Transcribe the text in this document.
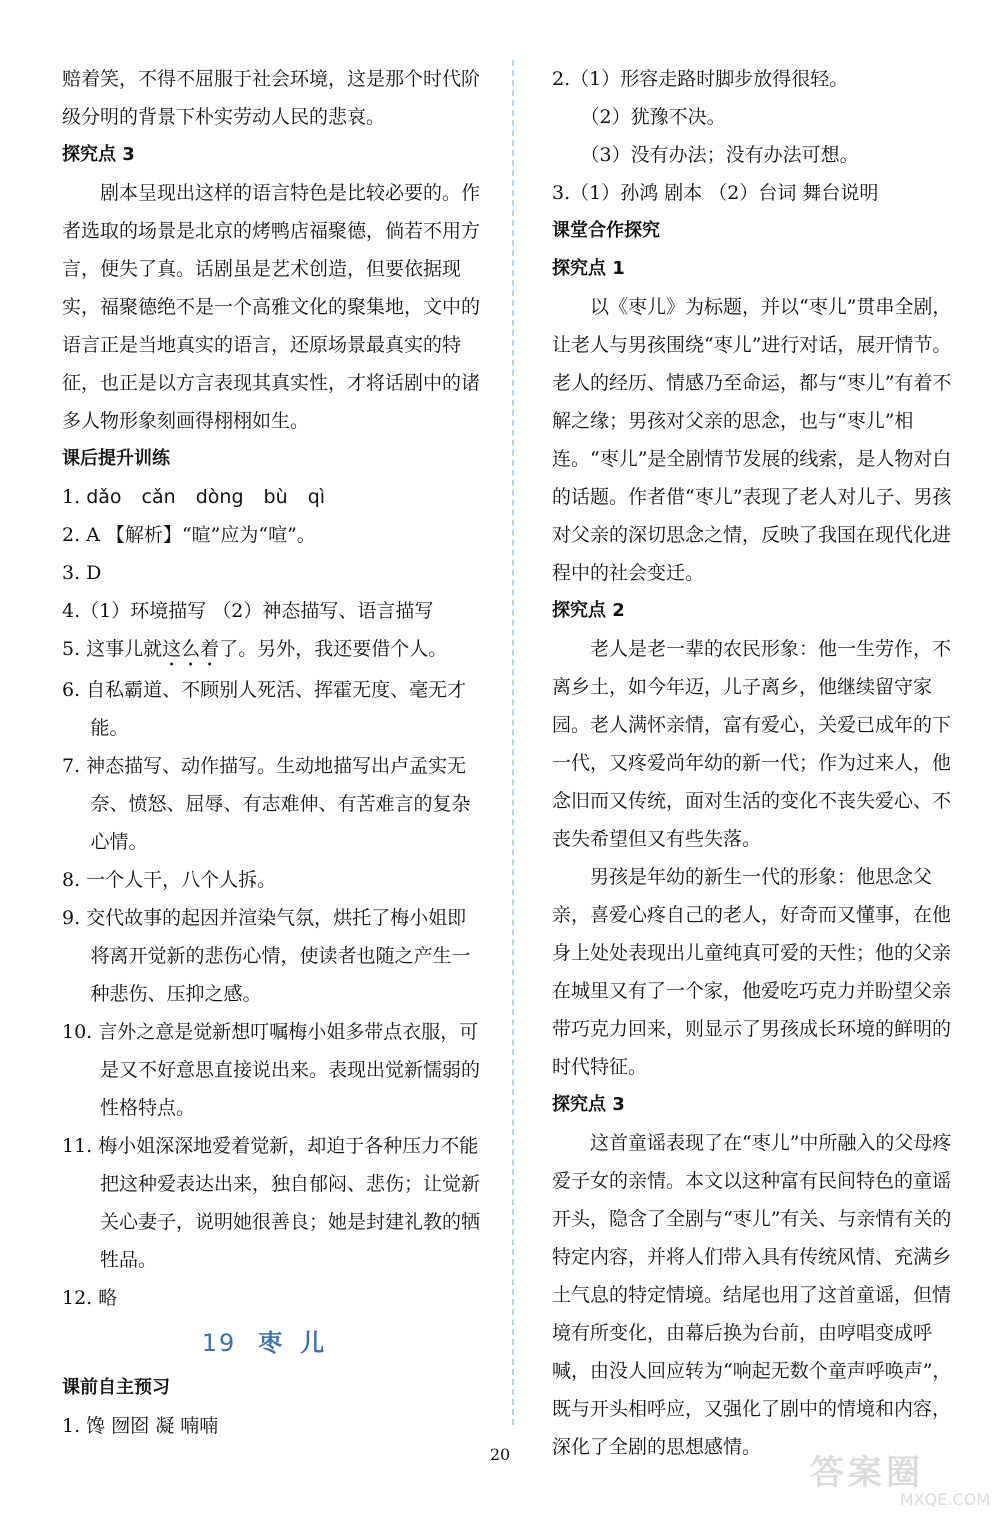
赔着笑，不得不屈服于社会环境，这是那个时代阶级分明的背景下朴实劳动人民的悲哀。

探究点 3

剧本呈现出这样的语言特色是比较必要的。作者选取的场景是北京的烤鸭店福聚德，倘若不用方言，便失了真。话剧虽是艺术创造，但要依据现实，福聚德绝不是一个高雅文化的聚集地，文中的语言正是当地真实的语言，还原场景最真实的特征，也正是以方言表现其真实性，才将话剧中的诸多人物形象刻画得栩栩如生。

课后提升训练

1. dǎo cǎn dòng bù qì

2. A 【解析】“暄”应为“喧”。

3. D

4.（1）环境描写 （2）神态描写、语言描写

5. 这事儿就这么着了。另外，我还要借个人。

6. 自私霸道、不顾别人死活、挥霍无度、毫无才能。

7. 神态描写、动作描写。生动地描写出卢孟实无奈、愤怒、屈辱、有志难伸、有苦难言的复杂心情。

8. 一个人干，八个人拆。

9. 交代故事的起因并渲染气氛，烘托了梅小姐即将离开觉新的悲伤心情，使读者也随之产生一种悲伤、压抑之感。

10. 言外之意是觉新想叮嘱梅小姐多带点衣服，可是又不好意思直接说出来。表现出觉新懦弱的性格特点。

11. 梅小姐深深地爱着觉新，却迫于各种压力不能把这种爱表达出来，独自郁闷、悲伤；让觉新关心妻子，说明她很善良；她是封建礼教的牺牲品。

12. 略

19 枣儿

课前自主预习

1. 馋 囫囵 凝 喃喃

2.（1）形容走路时脚步放得很轻。

（2）犹豫不决。

（3）没有办法；没有办法可想。

3.（1）孙鸿 剧本 （2）台词 舞台说明

课堂合作探究

探究点 1

以《枣儿》为标题，并以“枣儿”贯串全剧，让老人与男孩围绕“枣儿”进行对话，展开情节。老人的经历、情感乃至命运，都与“枣儿”有着不解之缘；男孩对父亲的思念，也与“枣儿”相连。“枣儿”是全剧情节发展的线索，是人物对白的话题。作者借“枣儿”表现了老人对儿子、男孩对父亲的深切思念之情，反映了我国在现代化进程中的社会变迁。

探究点 2

老人是老一辈的农民形象：他一生劳作，不离乡土，如今年迈，儿子离乡，他继续留守家园。老人满怀亲情，富有爱心，关爱已成年的下一代，又疼爱尚年幼的新一代；作为过来人，他念旧而又传统，面对生活的变化不丧失爱心、不丧失希望但又有些失落。

男孩是年幼的新生一代的形象：他思念父亲，喜爱心疼自己的老人，好奇而又懂事，在他身上处处表现出儿童纯真可爱的天性；他的父亲在城里又有了一个家，他爱吃巧克力并盼望父亲带巧克力回来，则显示了男孩成长环境的鲜明的时代特征。

探究点 3

这首童谣表现了在“枣儿”中所融入的父母疼爱子女的亲情。本文以这种富有民间特色的童谣开头，隐含了全剧与“枣儿”有关、与亲情有关的特定内容，并将人们带入具有传统风情、充满乡土气息的特定情境。结尾也用了这首童谣，但情境有所变化，由幕后换为台前，由哼唱变成呼喊，由没人回应转为“响起无数个童声呼唤声”，既与开头相呼应，又强化了剧中的情境和内容，深化了全剧的思想感情。

20	答案圈
MXQE.COM
